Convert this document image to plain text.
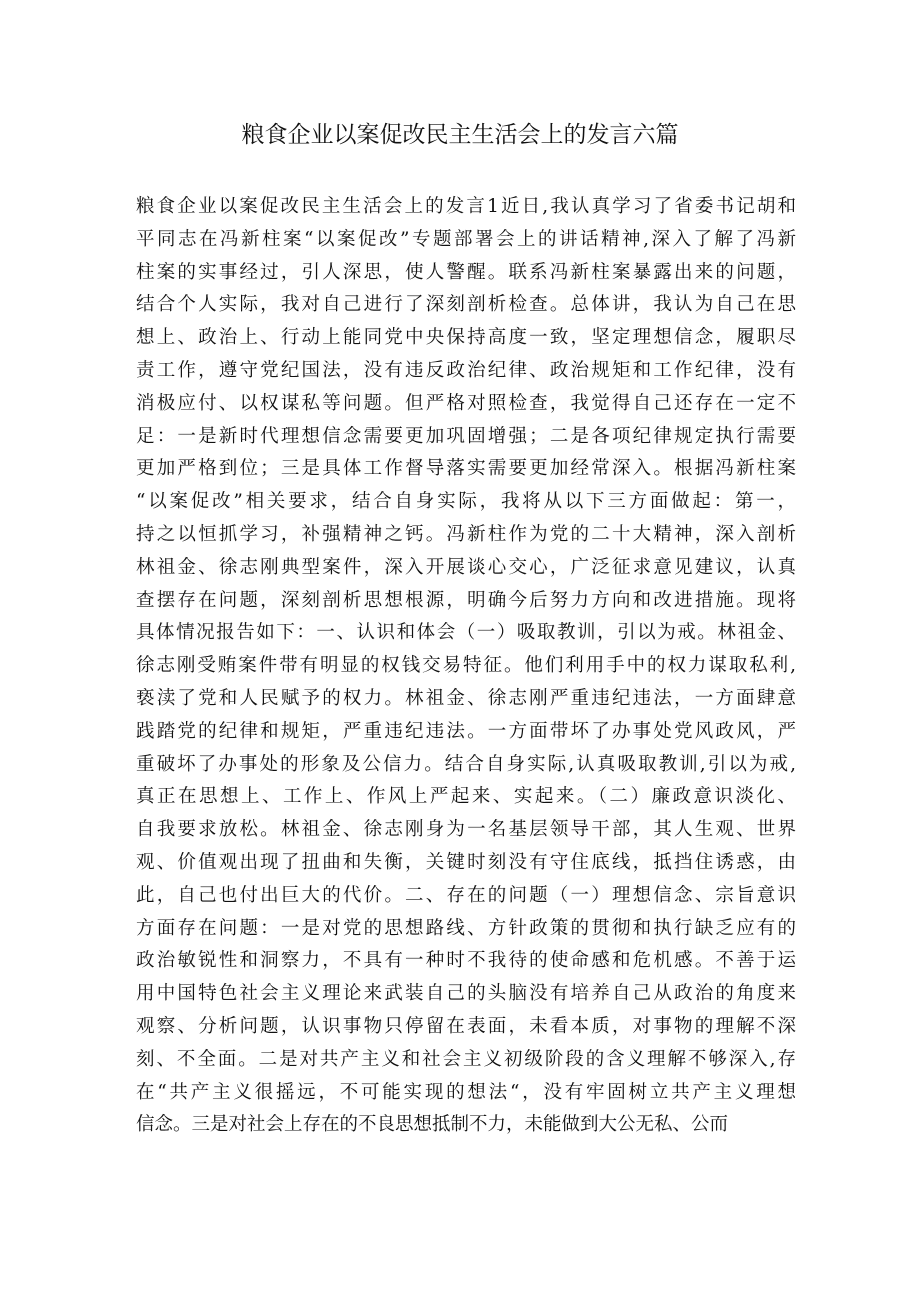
粮食企业以案促改民主生活会上的发言六篇
粮食企业以案促改民主生活会上的发言1近日,我认真学习了省委书记胡和
平同志在冯新柱案“以案促改”专题部署会上的讲话精神,深入了解了冯新
柱案的实事经过，引人深思，使人警醒。联系冯新柱案暴露出来的问题，
结合个人实际，我对自己进行了深刻剖析检查。总体讲，我认为自己在思
想上、政治上、行动上能同党中央保持高度一致，坚定理想信念，履职尽
责工作，遵守党纪国法，没有违反政治纪律、政治规矩和工作纪律，没有
消极应付、以权谋私等问题。但严格对照检查，我觉得自己还存在一定不
足：一是新时代理想信念需要更加巩固增强；二是各项纪律规定执行需要
更加严格到位；三是具体工作督导落实需要更加经常深入。根据冯新柱案
“以案促改”相关要求，结合自身实际，我将从以下三方面做起：第一，
持之以恒抓学习，补强精神之钙。冯新柱作为党的二十大精神，深入剖析
林祖金、徐志刚典型案件，深入开展谈心交心，广泛征求意见建议，认真
查摆存在问题，深刻剖析思想根源，明确今后努力方向和改进措施。现将
具体情况报告如下：一、认识和体会（一）吸取教训，引以为戒。林祖金、
徐志刚受贿案件带有明显的权钱交易特征。他们利用手中的权力谋取私利,
亵渎了党和人民赋予的权力。林祖金、徐志刚严重违纪违法，一方面肆意
践踏党的纪律和规矩，严重违纪违法。一方面带坏了办事处党风政风，严
重破坏了办事处的形象及公信力。结合自身实际,认真吸取教训,引以为戒,
真正在思想上、工作上、作风上严起来、实起来。（二）廉政意识淡化、
自我要求放松。林祖金、徐志刚身为一名基层领导干部，其人生观、世界
观、价值观出现了扭曲和失衡，关键时刻没有守住底线，抵挡住诱惑，由
此，自己也付出巨大的代价。二、存在的问题（一）理想信念、宗旨意识
方面存在问题：一是对党的思想路线、方针政策的贯彻和执行缺乏应有的
政治敏锐性和洞察力，不具有一种时不我待的使命感和危机感。不善于运
用中国特色社会主义理论来武装自己的头脑没有培养自己从政治的角度来
观察、分析问题，认识事物只停留在表面，未看本质，对事物的理解不深
刻、不全面。二是对共产主义和社会主义初级阶段的含义理解不够深入,存
在“共产主义很摇远，不可能实现的想法“，没有牢固树立共产主义理想
信念。三是对社会上存在的不良思想抵制不力，未能做到大公无私、公而
